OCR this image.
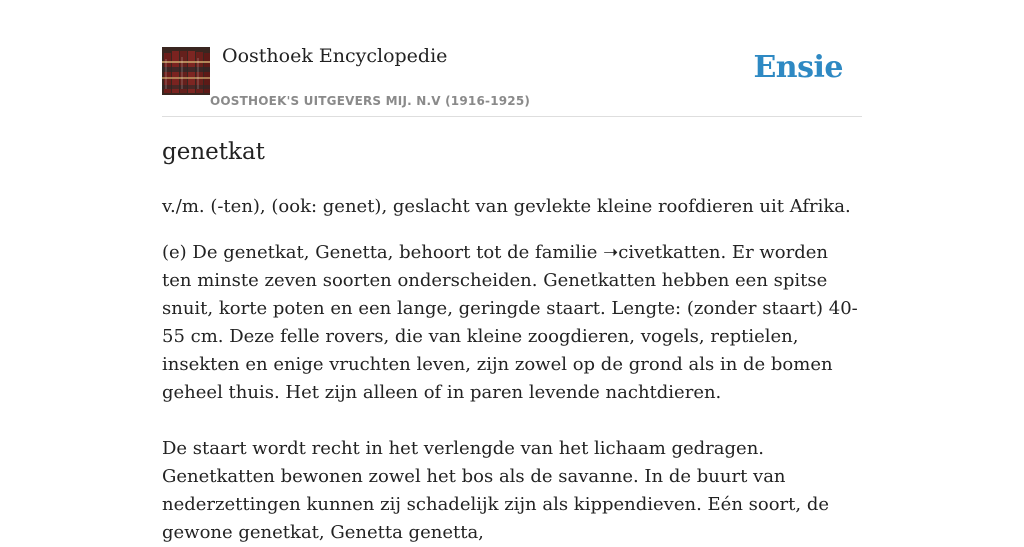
Oosthoek Encyclopedie
OOSTHOEK'S UITGEVERS MIJ. N.V (1916-1925)
Ensie
genetkat

v./m. (-ten), (ook: genet), geslacht van gevlekte kleine roofdieren uit Afrika.

(e) De genetkat, Genetta, behoort tot de familie ➝civetkatten. Er worden ten minste zeven soorten onderscheiden. Genetkatten hebben een spitse snuit, korte poten en een lange, geringde staart. Lengte: (zonder staart) 40-55 cm. Deze felle rovers, die van kleine zoogdieren, vogels, reptielen, insekten en enige vruchten leven, zijn zowel op de grond als in de bomen geheel thuis. Het zijn alleen of in paren levende nachtdieren.

De staart wordt recht in het verlengde van het lichaam gedragen. Genetkatten bewonen zowel het bos als de savanne. In de buurt van nederzettingen kunnen zij schadelijk zijn als kippendieven. Eén soort, de gewone genetkat, Genetta genetta,
